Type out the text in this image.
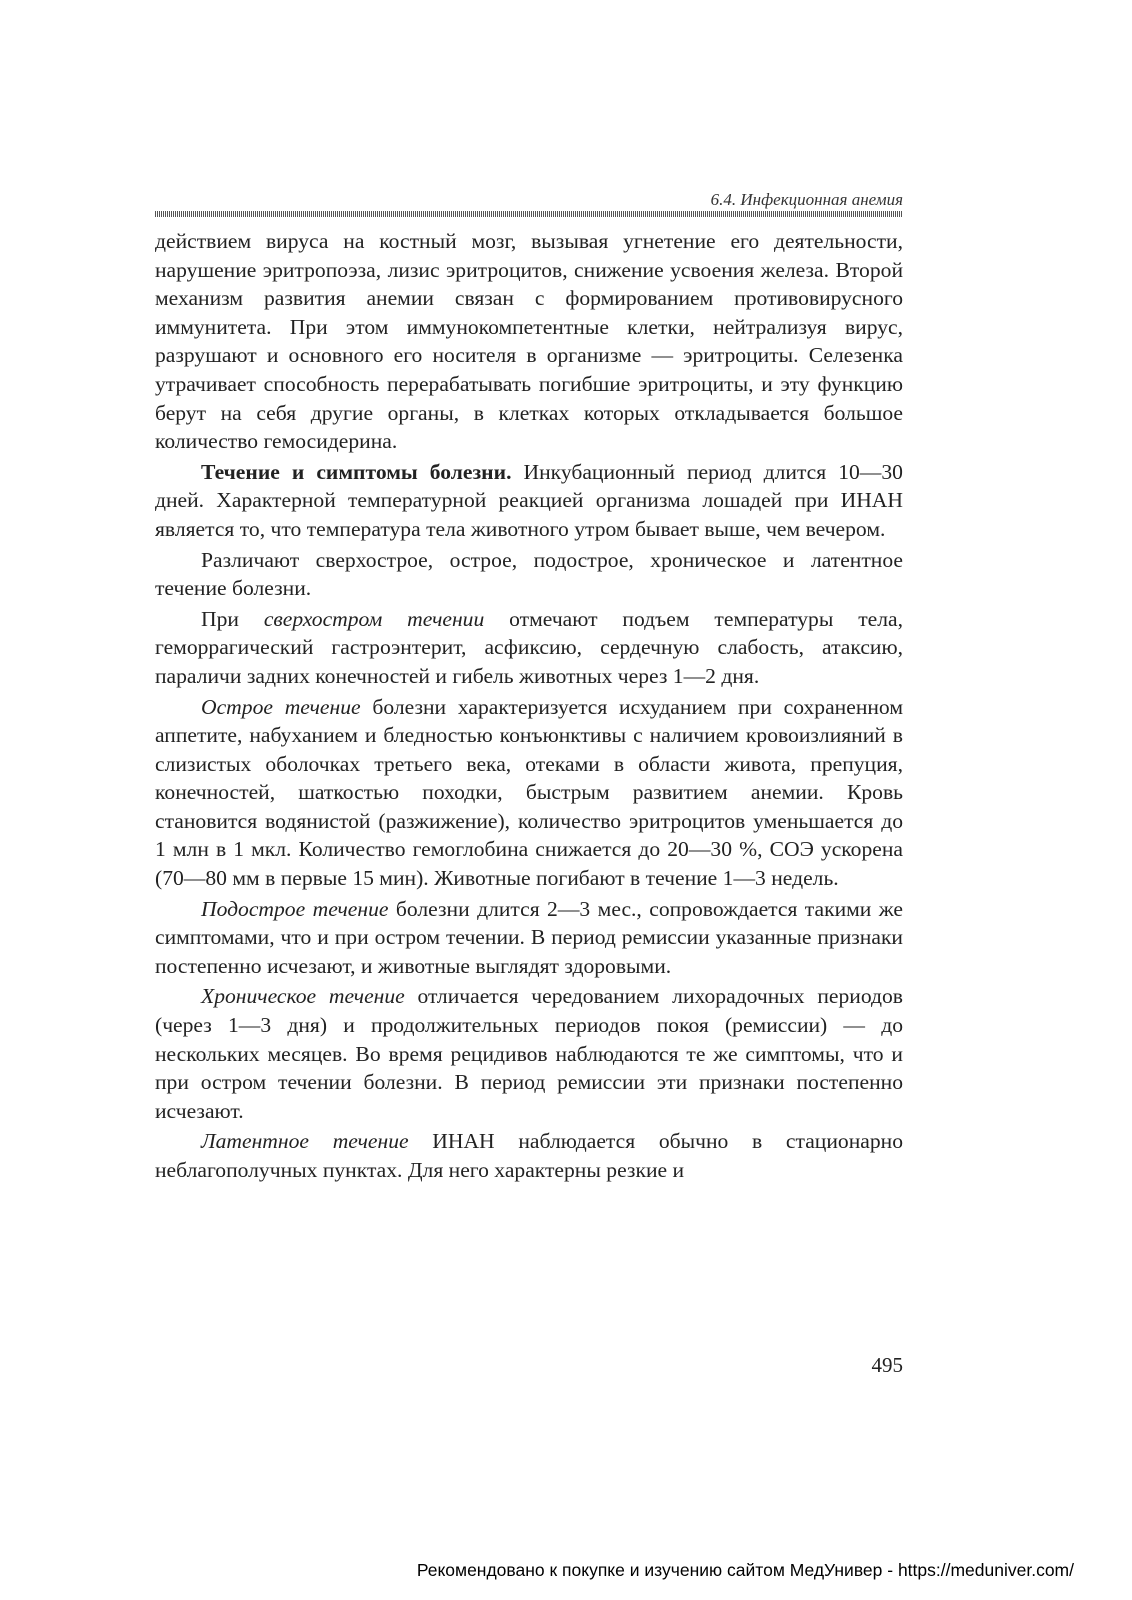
6.4. Инфекционная анемия

действием вируса на костный мозг, вызывая угнетение его деятельности, нарушение эритропоэза, лизис эритроцитов, снижение усвоения железа. Второй механизм развития анемии связан с формированием противовирусного иммунитета. При этом иммунокомпетентные клетки, нейтрализуя вирус, разрушают и основного его носителя в организме — эритроциты. Селезенка утрачивает способность перерабатывать погибшие эритроциты, и эту функцию берут на себя другие органы, в клетках которых откладывается большое количество гемосидерина.

Течение и симптомы болезни. Инкубационный период длится 10—30 дней. Характерной температурной реакцией организма лошадей при ИНАН является то, что температура тела животного утром бывает выше, чем вечером.

Различают сверхострое, острое, подострое, хроническое и латентное течение болезни.

При сверхостром течении отмечают подъем температуры тела, геморрагический гастроэнтерит, асфиксию, сердечную слабость, атаксию, параличи задних конечностей и гибель животных через 1—2 дня.

Острое течение болезни характеризуется исхуданием при сохраненном аппетите, набуханием и бледностью конъюнктивы с наличием кровоизлияний в слизистых оболочках третьего века, отеками в области живота, препуция, конечностей, шаткостью походки, быстрым развитием анемии. Кровь становится водянистой (разжижение), количество эритроцитов уменьшается до 1 млн в 1 мкл. Количество гемоглобина снижается до 20—30 %, СОЭ ускорена (70—80 мм в первые 15 мин). Животные погибают в течение 1—3 недель.

Подострое течение болезни длится 2—3 мес., сопровождается такими же симптомами, что и при остром течении. В период ремиссии указанные признаки постепенно исчезают, и животные выглядят здоровыми.

Хроническое течение отличается чередованием лихорадочных периодов (через 1—3 дня) и продолжительных периодов покоя (ремиссии) — до нескольких месяцев. Во время рецидивов наблюдаются те же симптомы, что и при остром течении болезни. В период ремиссии эти признаки постепенно исчезают.

Латентное течение ИНАН наблюдается обычно в стационарно неблагополучных пунктах. Для него характерны резкие и

495
Рекомендовано к покупке и изучению сайтом МедУнивер - https://meduniver.com/
